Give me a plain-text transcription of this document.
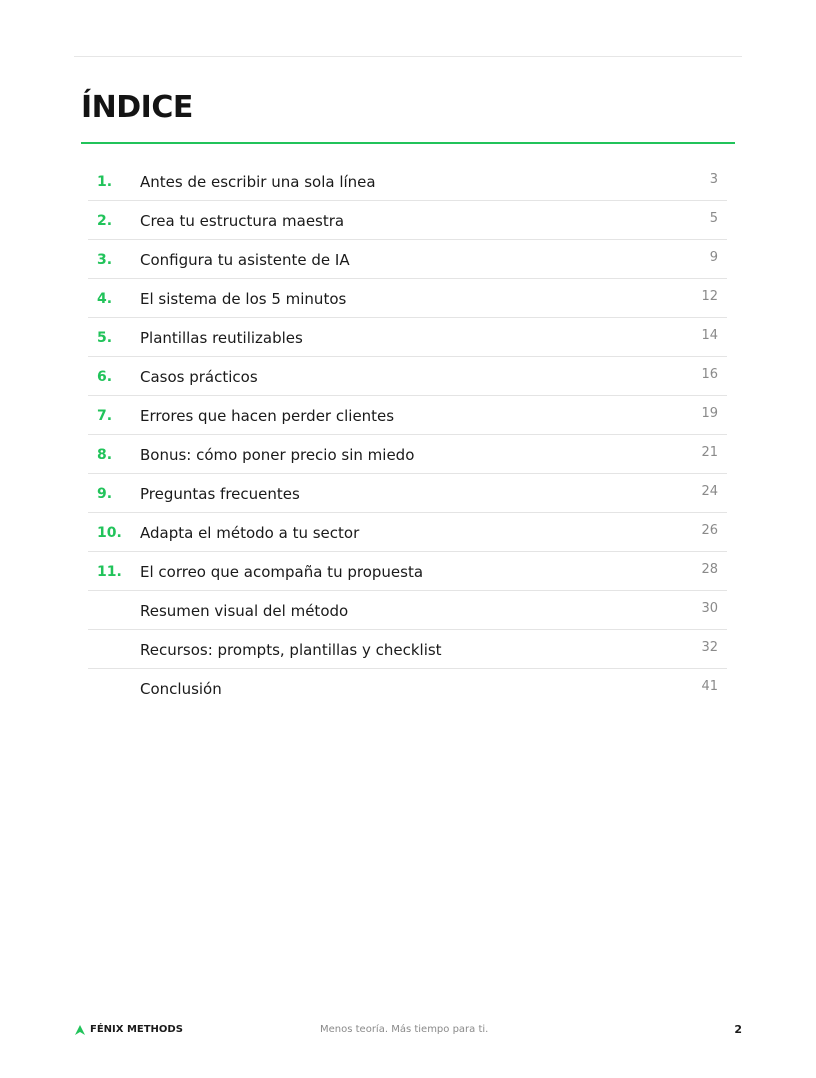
ÍNDICE
1. Antes de escribir una sola línea	3
2. Crea tu estructura maestra	5
3. Configura tu asistente de IA	9
4. El sistema de los 5 minutos	12
5. Plantillas reutilizables	14
6. Casos prácticos	16
7. Errores que hacen perder clientes	19
8. Bonus: cómo poner precio sin miedo	21
9. Preguntas frecuentes	24
10. Adapta el método a tu sector	26
11. El correo que acompaña tu propuesta	28
Resumen visual del método	30
Recursos: prompts, plantillas y checklist	32
Conclusión	41
FÉNIX METHODS	Menos teoría. Más tiempo para ti.	2
